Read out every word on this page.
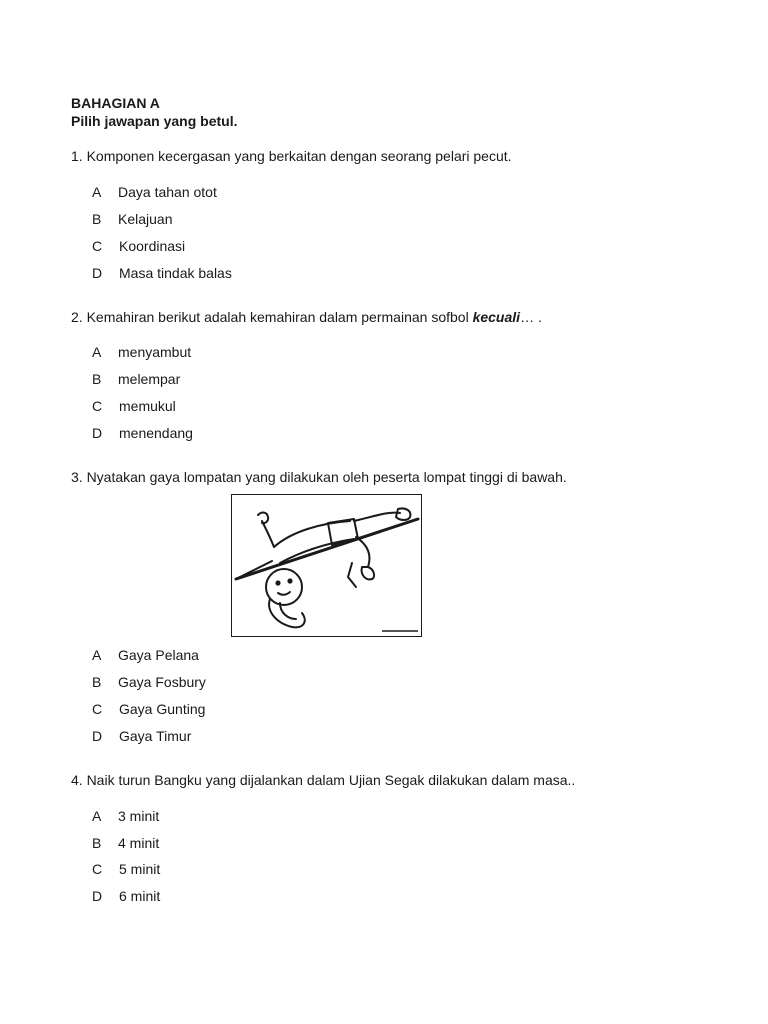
BAHAGIAN A
Pilih jawapan yang betul.
1. Komponen kecergasan yang berkaitan dengan seorang pelari pecut.
A Daya tahan otot
B Kelajuan
C Koordinasi
D Masa tindak balas
2. Kemahiran berikut adalah kemahiran dalam permainan sofbol kecuali… .
A menyambut
B melempar
C memukul
D menendang
3. Nyatakan gaya lompatan yang dilakukan oleh peserta lompat tinggi di bawah.
A Gaya Pelana
B Gaya Fosbury
C Gaya Gunting
D Gaya Timur
4. Naik turun Bangku yang dijalankan dalam Ujian Segak dilakukan dalam masa..
A 3 minit
B 4 minit
C 5 minit
D 6 minit
